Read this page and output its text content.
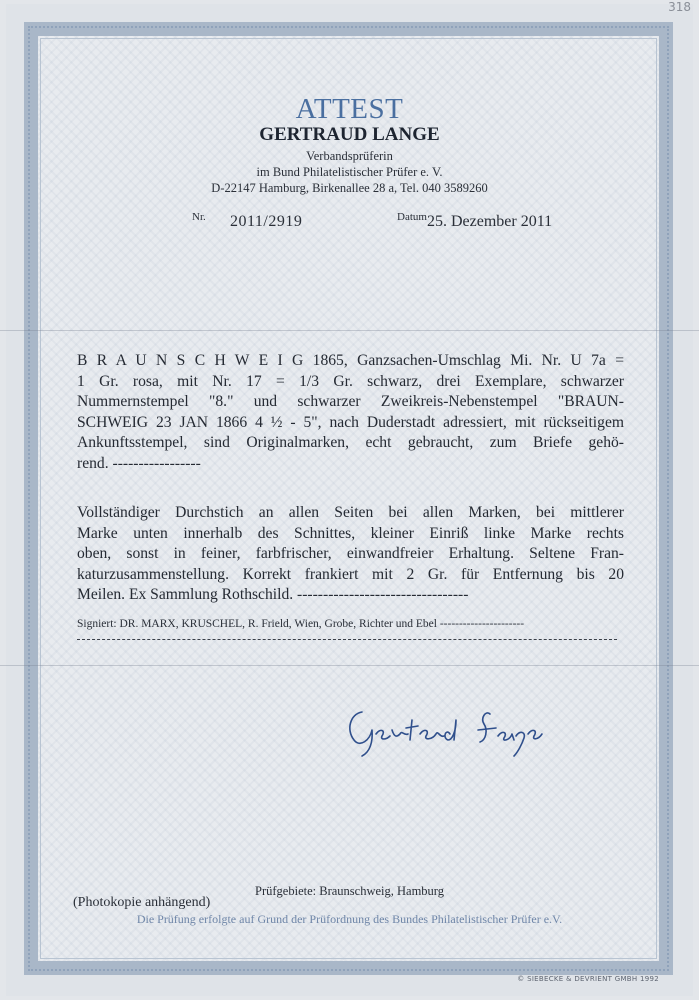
318
ATTEST
GERTRAUD LANGE
Verbandsprüferin
im Bund Philatelistischer Prüfer e. V.
D-22147 Hamburg, Birkenallee 28 a, Tel. 040 3589260
Nr. 2011/2919	Datum 25. Dezember 2011
B R A U N S C H W E I G 1865, Ganzsachen-Umschlag Mi. Nr. U 7a =
1 Gr. rosa, mit Nr. 17 = 1/3 Gr. schwarz, drei Exemplare, schwarzer
Nummernstempel "8." und schwarzer Zweikreis-Nebenstempel "BRAUN-
SCHWEIG 23 JAN 1866 4 ½ - 5", nach Duderstadt adressiert, mit rückseitigem
Ankunftsstempel, sind Originalmarken, echt gebraucht, zum Briefe gehö-
rend. -----------------
Vollständiger Durchstich an allen Seiten bei allen Marken, bei mittlerer
Marke unten innerhalb des Schnittes, kleiner Einriß linke Marke rechts
oben, sonst in feiner, farbfrischer, einwandfreier Erhaltung. Seltene Fran-
katurzusammenstellung. Korrekt frankiert mit 2 Gr. für Entfernung bis 20
Meilen. Ex Sammlung Rothschild. ---------------------------------
Signiert: DR. MARX, KRUSCHEL, R. Frield, Wien, Grobe, Richter und Ebel ----------------------
Prüfgebiete: Braunschweig, Hamburg
(Photokopie anhängend)
Die Prüfung erfolgte auf Grund der Prüfordnung des Bundes Philatelistischer Prüfer e.V.
© SIEBECKE & DEVRIENT GMBH 1992
